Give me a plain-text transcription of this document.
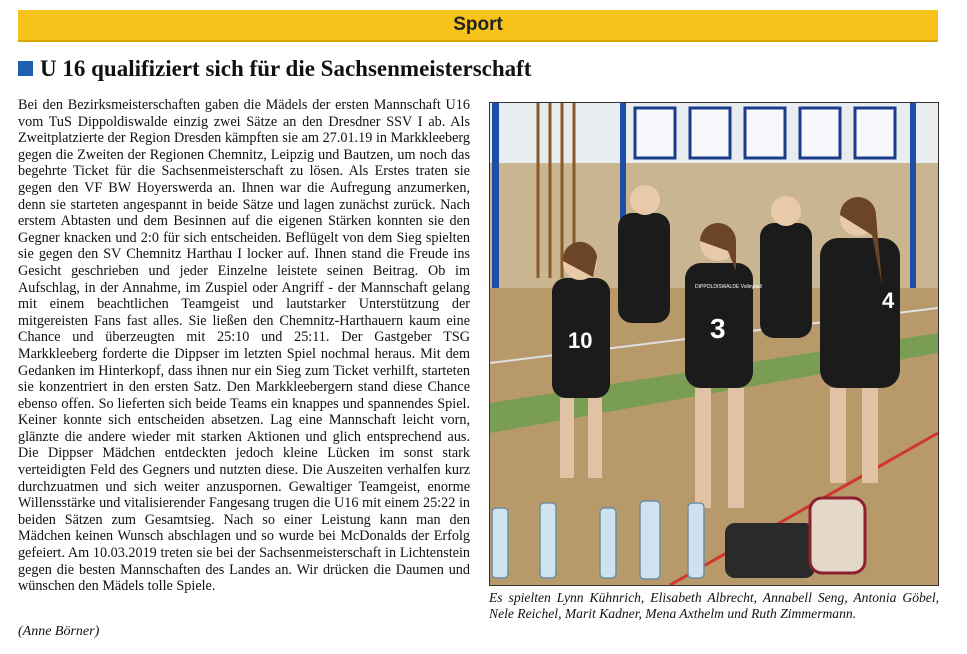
Sport
U 16 qualifiziert sich für die Sachsenmeisterschaft

Bei den Bezirksmeisterschaften gaben die Mädels der ersten Mannschaft U16 vom TuS Dippoldiswalde einzig zwei Sätze an den Dresdner SSV I ab. Als Zweitplatzierte der Region Dresden kämpften sie am 27.01.19 in Markkleeberg gegen die Zweiten der Regionen Chemnitz, Leipzig und Bautzen, um noch das begehrte Ticket für die Sachsenmeisterschaft zu lösen. Als Erstes traten sie gegen den VF BW Hoyerswerda an. Ihnen war die Aufregung anzumerken, denn sie starteten angespannt in beide Sätze und lagen zunächst zurück. Nach erstem Abtasten und dem Besinnen auf die eigenen Stärken konnten sie den Gegner knacken und 2:0 für sich entscheiden. Beflügelt von dem Sieg spielten sie gegen den SV Chemnitz Harthau I locker auf. Ihnen stand die Freude ins Gesicht geschrieben und jeder Einzelne leistete seinen Beitrag. Ob im Aufschlag, in der Annahme, im Zuspiel oder Angriff - der Mannschaft gelang mit einem beachtlichen Teamgeist und lautstarker Unterstützung der mitgereisten Fans fast alles. Sie ließen den Chemnitz-Harthauern kaum eine Chance und überzeugten mit 25:10 und 25:11. Der Gastgeber TSG Markkleeberg forderte die Dippser im letzten Spiel nochmal heraus. Mit dem Gedanken im Hinterkopf, dass ihnen nur ein Sieg zum Ticket verhilft, starteten sie konzentriert in den ersten Satz. Den Markkleebergern stand diese Chance ebenso offen. So lieferten sich beide Teams ein knappes und spannendes Spiel. Keiner konnte sich entscheiden absetzen. Lag eine Mannschaft leicht vorn, glänzte die andere wieder mit starken Aktionen und glich entsprechend aus. Die Dippser Mädchen entdeckten jedoch kleine Lücken im sonst stark verteidigten Feld des Gegners und nutzten diese. Die Auszeiten verhalfen kurz durchzuatmen und sich weiter anzuspornen. Gewaltiger Teamgeist, enorme Willensstärke und vitalisierender Fangesang trugen die U16 mit einem 25:22 in beiden Sätzen zum Gesamtsieg. Nach so einer Leistung kann man den Mädchen keinen Wunsch abschlagen und so wurde bei McDonalds der Erfolg gefeiert. Am 10.03.2019 treten sie bei der Sachsenmeisterschaft in Lichtenstein gegen die besten Mannschaften des Landes an. Wir drücken die Daumen und wünschen den Mädels tolle Spiele.

(Anne Börner)
10	3
4
DIPPOLDISWALDE Volleyball

Es spielten Lynn Kühnrich, Elisabeth Albrecht, Annabell Seng, Antonia Göbel, Nele Reichel, Marit Kadner, Mena Axthelm und Ruth Zimmermann.
